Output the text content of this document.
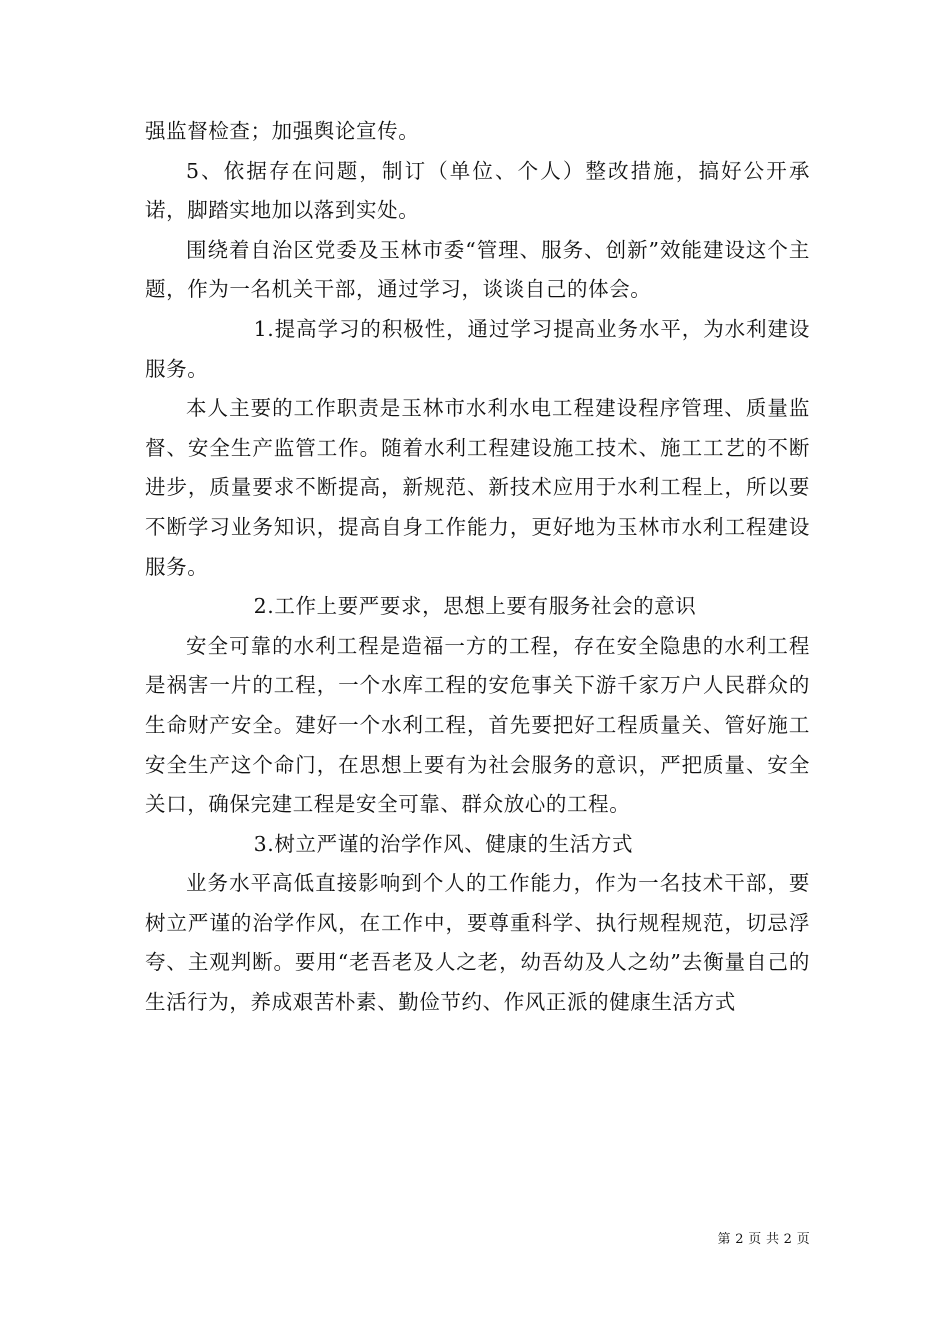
强监督检查；加强舆论宣传。

5、依据存在问题，制订（单位、个人）整改措施，搞好公开承诺，脚踏实地加以落到实处。

围绕着自治区党委及玉林市委“管理、服务、创新”效能建设这个主题，作为一名机关干部，通过学习，谈谈自己的体会。

1.提高学习的积极性，通过学习提高业务水平，为水利建设服务。

本人主要的工作职责是玉林市水利水电工程建设程序管理、质量监督、安全生产监管工作。随着水利工程建设施工技术、施工工艺的不断进步，质量要求不断提高，新规范、新技术应用于水利工程上，所以要不断学习业务知识，提高自身工作能力，更好地为玉林市水利工程建设服务。

2.工作上要严要求，思想上要有服务社会的意识

安全可靠的水利工程是造福一方的工程，存在安全隐患的水利工程是祸害一片的工程，一个水库工程的安危事关下游千家万户人民群众的生命财产安全。建好一个水利工程，首先要把好工程质量关、管好施工安全生产这个命门，在思想上要有为社会服务的意识，严把质量、安全关口，确保完建工程是安全可靠、群众放心的工程。

3.树立严谨的治学作风、健康的生活方式

业务水平高低直接影响到个人的工作能力，作为一名技术干部，要树立严谨的治学作风，在工作中，要尊重科学、执行规程规范，切忌浮夸、主观判断。要用“老吾老及人之老，幼吾幼及人之幼”去衡量自己的生活行为，养成艰苦朴素、勤俭节约、作风正派的健康生活方式

第 2 页 共 2 页
